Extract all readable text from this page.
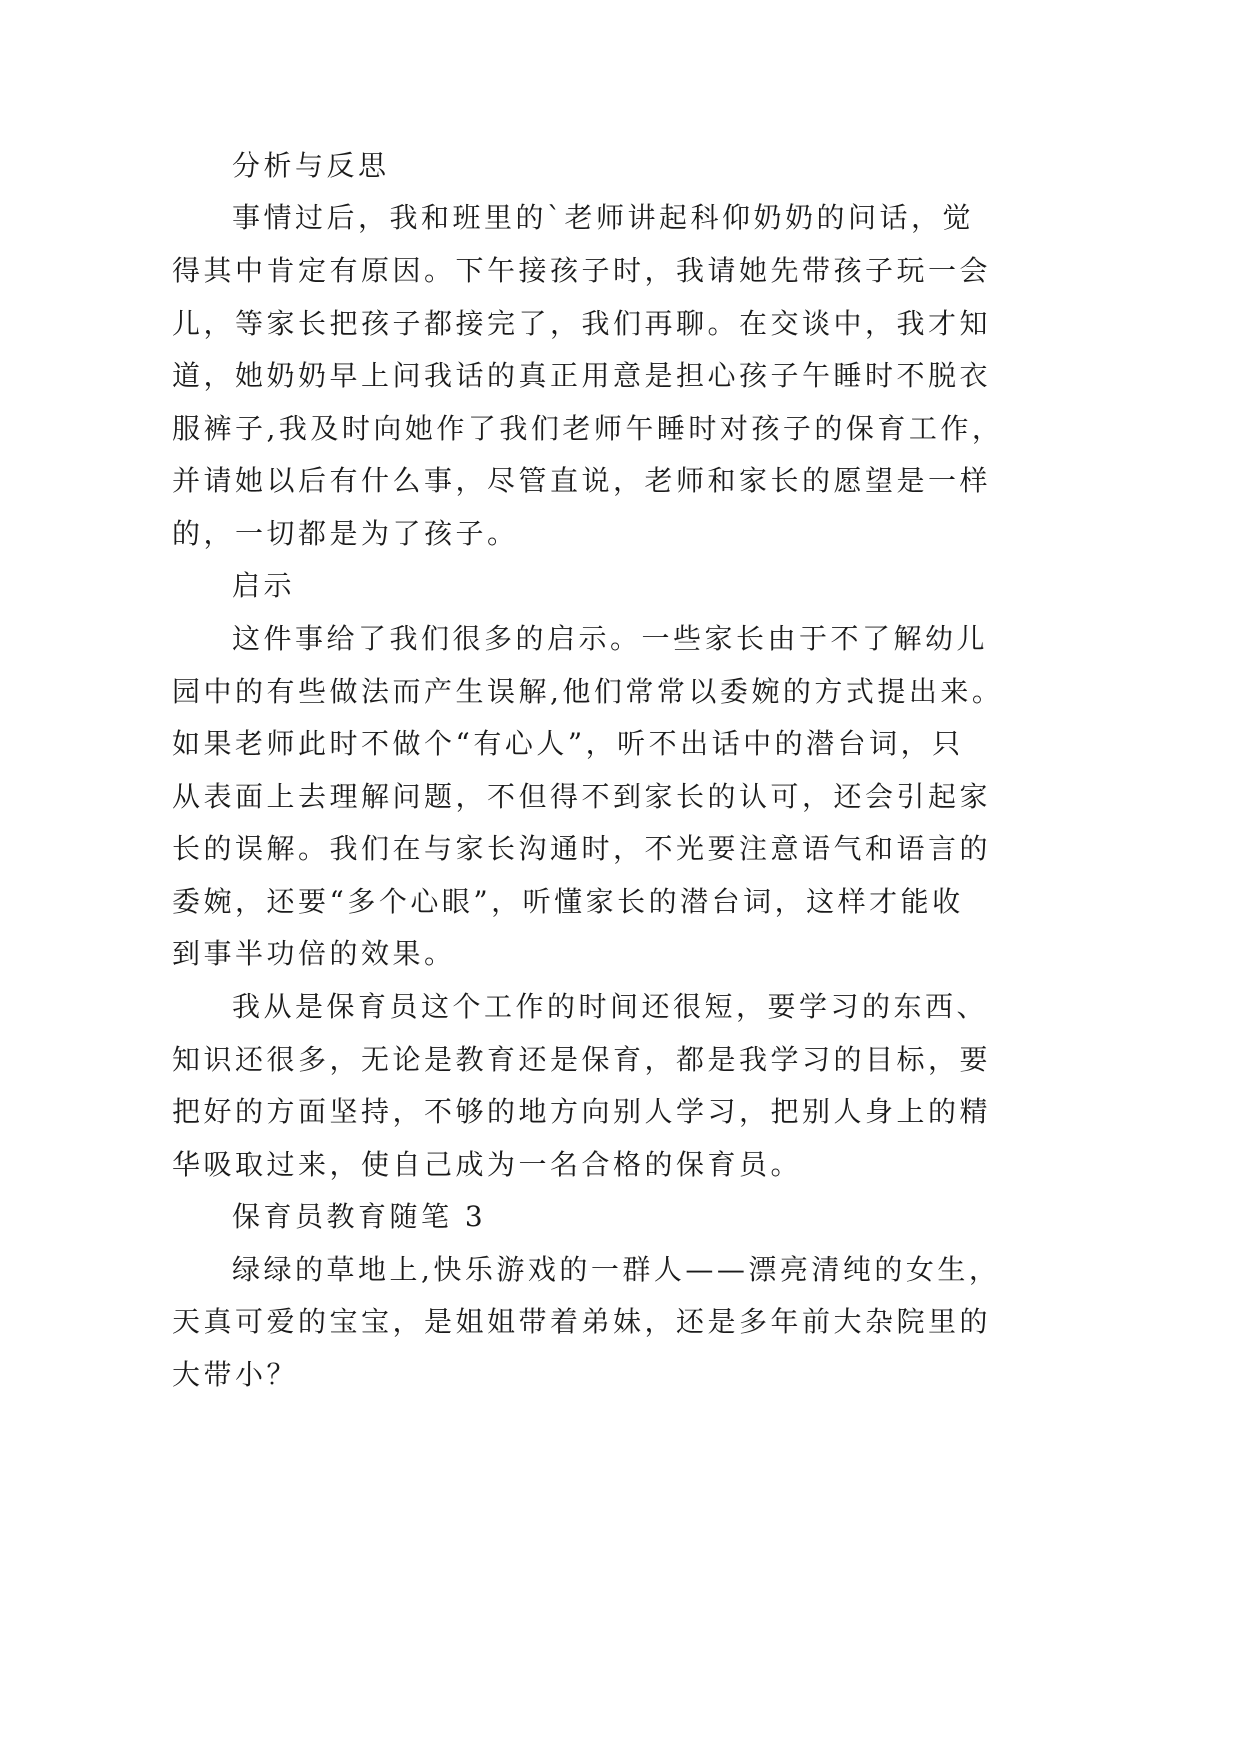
分析与反思
事情过后，我和班里的`老师讲起科仰奶奶的问话，觉
得其中肯定有原因。下午接孩子时，我请她先带孩子玩一会
儿，等家长把孩子都接完了，我们再聊。在交谈中，我才知
道，她奶奶早上问我话的真正用意是担心孩子午睡时不脱衣
服裤子,我及时向她作了我们老师午睡时对孩子的保育工作，
并请她以后有什么事，尽管直说，老师和家长的愿望是一样
的，一切都是为了孩子。
启示
这件事给了我们很多的启示。一些家长由于不了解幼儿
园中的有些做法而产生误解,他们常常以委婉的方式提出来。
如果老师此时不做个“有心人”，听不出话中的潜台词，只
从表面上去理解问题，不但得不到家长的认可，还会引起家
长的误解。我们在与家长沟通时，不光要注意语气和语言的
委婉，还要“多个心眼”，听懂家长的潜台词，这样才能收
到事半功倍的效果。
我从是保育员这个工作的时间还很短，要学习的东西、
知识还很多，无论是教育还是保育，都是我学习的目标，要
把好的方面坚持，不够的地方向别人学习，把别人身上的精
华吸取过来，使自己成为一名合格的保育员。
保育员教育随笔 3
绿绿的草地上,快乐游戏的一群人——漂亮清纯的女生，
天真可爱的宝宝，是姐姐带着弟妹，还是多年前大杂院里的
大带小？
